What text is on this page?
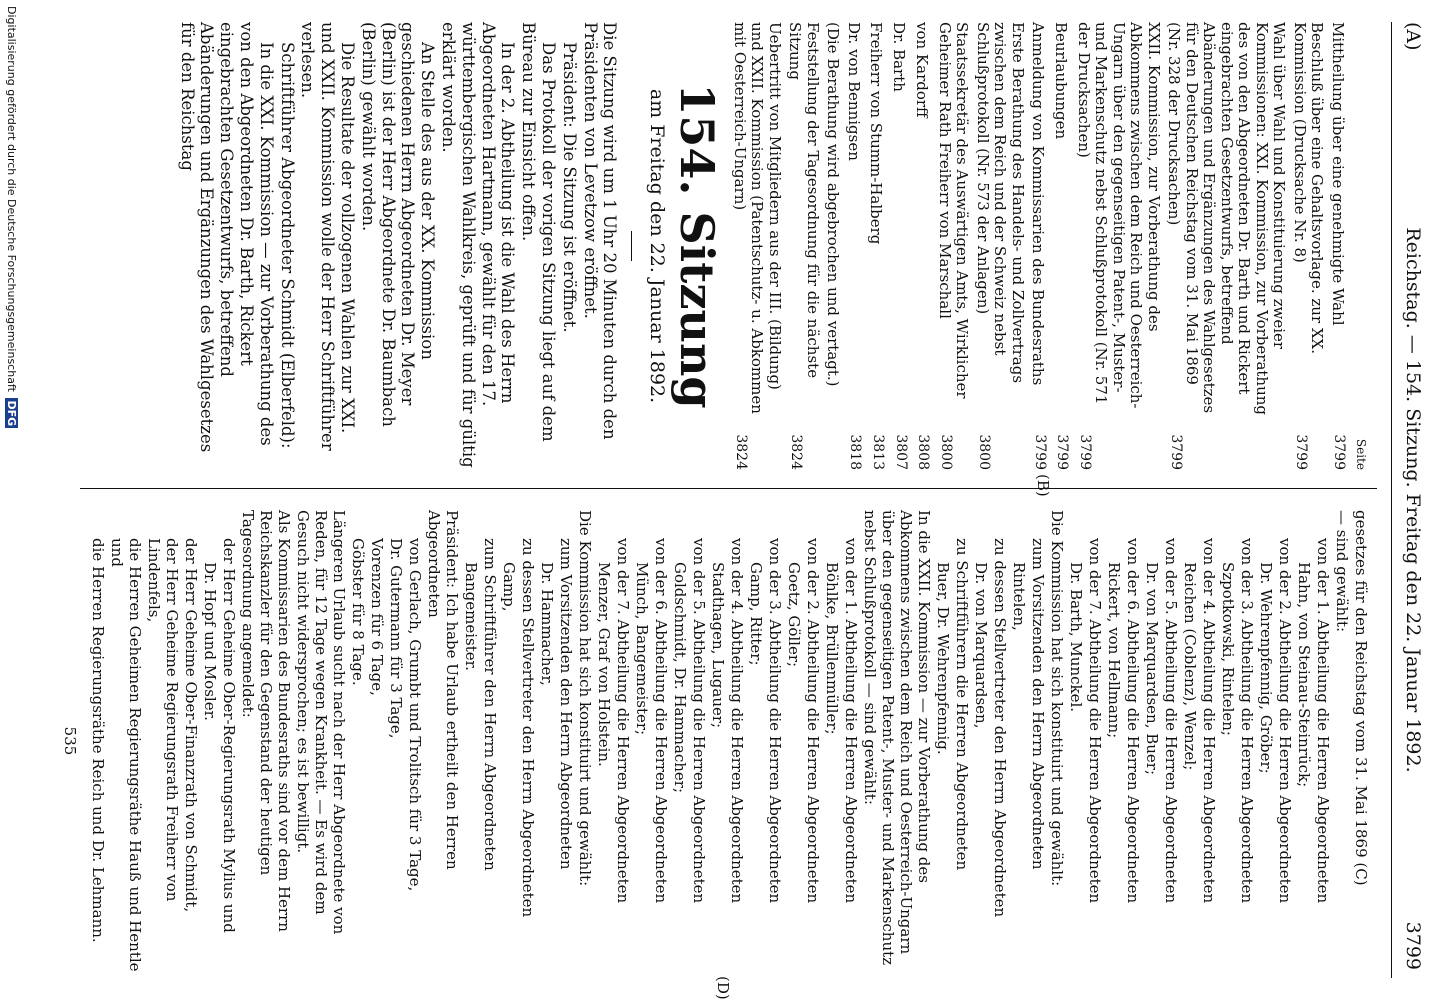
(A)
Reichstag. — 154. Sitzung. Freitag den 22. Januar 1892.
3799
Seite
Mittheilung über eine genehmigte Wahl
3799
Beschluß über eine Gehaltsvorlage. zur XX. Kommission (Drucksache Nr. 8)
3799
Wahl über Wahl und Konstituierung zweier Kommissionen: XXI. Kommission, zur Vorberathung des von den Abgeordneten Dr. Barth und Rickert eingebrachten Gesetzentwurfs, betreffend Abänderungen und Ergänzungen des Wahlgesetzes für den Deutschen Reichstag vom 31. Mai 1869 (Nr. 328 der Drucksachen)
3799
XXII. Kommission, zur Vorberathung des Abkommens zwischen dem Reich und Oesterreich-Ungarn über den gegenseitigen Patent-, Muster- und Markenschutz nebst Schlußprotokoll (Nr. 571 der Drucksachen)
3799
Beurlaubungen
3799
Anmeldung von Kommissarien des Bundesraths
3799
Erste Berathung des Handels- und Zollvertrags zwischen dem Reich und der Schweiz nebst Schlußprotokoll (Nr. 573 der Anlagen)
3800
Staatssekretär des Auswärtigen Amts, Wirklicher Geheimer Rath Freiherr von Marschall
3800
von Kardorff
3808
Dr. Barth
3807
Freiherr von Stumm-Halberg
3813
Dr. von Bennigsen
3818
(Die Berathung wird abgebrochen und vertagt.)
Feststellung der Tagesordnung für die nächste Sitzung
3824
Uebertritt von Mitgliedern aus der III. (Bildung) und XXII. Kommission (Patentschutz- u. Abkommen mit Oesterreich-Ungarn)
3824
154. Sitzung
am Freitag den 22. Januar 1892.

Die Sitzung wird um 1 Uhr 20 Minuten durch den Präsidenten von Levetzow eröffnet.

Präsident: Die Sitzung ist eröffnet.

Das Protokoll der vorigen Sitzung liegt auf dem Büreau zur Einsicht offen.

In der 2. Abtheilung ist die Wahl des Herrn Abgeordneten Hartmann, gewählt für den 17. württembergischen Wahlkreis, geprüft und für gültig erklärt worden.

An Stelle des aus der XX. Kommission geschiedenen Herrn Abgeordneten Dr. Meyer (Berlin) ist der Herr Abgeordnete Dr. Baumbach (Berlin) gewählt worden.

Die Resultate der vollzogenen Wahlen zur XXI. und XXII. Kommission wolle der Herr Schriftführer verlesen.

Schriftführer Abgeordneter Schmidt (Elberfeld):

In die XXI. Kommission — zur Vorberathung des von den Abgeordneten Dr. Barth, Rickert eingebrachten Gesetzentwurfs, betreffend Abänderungen und Ergänzungen des Wahlgesetzes für den Reichstag

gesetzes für den Reichstag vom 31. Mai 1869 (C)

— sind gewählt:

von der 1. Abtheilung die Herren Abgeordneten

Hahn, von Steinau-Steinrück;

von der 2. Abtheilung die Herren Abgeordneten

Dr. Wehrenpfennig, Gröber;

von der 3. Abtheilung die Herren Abgeordneten

Szpotkowski, Rintelen;

von der 4. Abtheilung die Herren Abgeordneten

Reichen (Coblenz), Wenzel;

von der 5. Abtheilung die Herren Abgeordneten

Dr. von Marquardsen, Buer;

von der 6. Abtheilung die Herren Abgeordneten

Rickert, von Hellmann;

von der 7. Abtheilung die Herren Abgeordneten

Dr. Barth, Munckel.

Die Kommission hat sich konstituirt und gewählt:

zum Vorsitzenden den Herrn Abgeordneten

Rintelen,

zu dessen Stellvertreter den Herrn Abgeordneten

Dr. von Marquardsen,

zu Schriftführern die Herren Abgeordneten

Buer, Dr. Wehrenpfennig.

In die XXII. Kommission — zur Vorberathung des Abkommens zwischen dem Reich und Oesterreich-Ungarn über den gegenseitigen Patent-, Muster- und Markenschutz nebst Schlußprotokoll — sind gewählt:

von der 1. Abtheilung die Herren Abgeordneten

Böhlke, Brüllenmüller;

von der 2. Abtheilung die Herren Abgeordneten

Goetz, Göller;

von der 3. Abtheilung die Herren Abgeordneten

Gamp, Ritter;

von der 4. Abtheilung die Herren Abgeordneten

Stadthagen, Lugauer;

von der 5. Abtheilung die Herren Abgeordneten

Goldschmidt, Dr. Hammacher;

von der 6. Abtheilung die Herren Abgeordneten

Münch, Bangemeister;

von der 7. Abtheilung die Herren Abgeordneten

Menzer, Graf von Holstein.

Die Kommission hat sich konstituirt und gewählt:

zum Vorsitzenden den Herrn Abgeordneten

Dr. Hammacher,

zu dessen Stellvertreter den Herrn Abgeordneten

Gamp,

zum Schriftführer den Herrn Abgeordneten

Bangemeister.

Präsident: Ich habe Urlaub ertheilt den Herren Abgeordneten

von Gerlach, Grumbt und Trolitsch für 3 Tage,

Dr. Gutermann für 3 Tage,

Vorenzen für 6 Tage,

Göbster für 8 Tage.

Längeren Urlaub sucht nach der Herr Abgeordnete von Reden, für 12 Tage wegen Krankheit. — Es wird dem Gesuch nicht widersprochen; es ist bewilligt.

Als Kommissarien des Bundesraths sind vor dem Herrn Reichskanzler für den Gegenstand der heutigen Tagesordnung angemeldet:

der Herr Geheime Ober-Regierungsrath Mylius und

Dr. Hopf und Mosler.

der Herr Geheime Ober-Finanzrath von Schmidt,

der Herr Geheime Regierungsrath Freiherr von Lindenfels,

die Herren Geheimen Regierungsräthe Hauß und Hentle und

die Herren Regierungsräthe Reich und Dr. Lehmann.

535
(B)
(D)
Digitalisierung gefördert durch die Deutsche Forschungsgemeinschaft DFG
